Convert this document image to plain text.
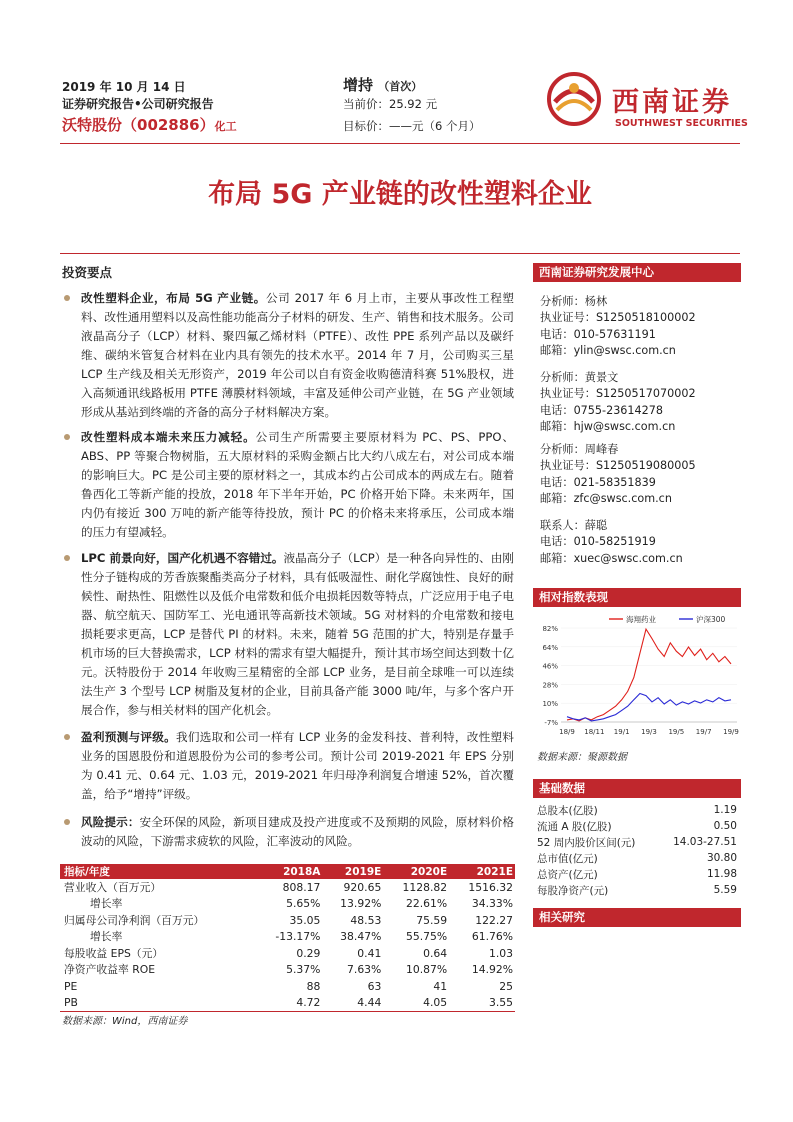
2019 年 10 月 14 日
证券研究报告•公司研究报告
沃特股份（002886）化工
增持 （首次）
当前价：25.92 元
目标价：——元（6 个月）
西南证券
SOUTHWEST SECURITIES
布局 5G 产业链的改性塑料企业
投资要点
改性塑料企业，布局 5G 产业链。公司 2017 年 6 月上市，主要从事改性工程塑料、改性通用塑料以及高性能功能高分子材料的研发、生产、销售和技术服务。公司液晶高分子（LCP）材料、聚四氟乙烯材料（PTFE）、改性 PPE 系列产品以及碳纤维、碳纳米管复合材料在业内具有领先的技术水平。2014 年 7 月，公司购买三星 LCP 生产线及相关无形资产，2019 年公司以自有资金收购德清科赛 51%股权，进入高频通讯线路板用 PTFE 薄膜材料领域，丰富及延伸公司产业链，在 5G 产业领域形成从基站到终端的齐备的高分子材料解决方案。
改性塑料成本端未来压力减轻。公司生产所需要主要原材料为 PC、PS、PPO、ABS、PP 等聚合物树脂，五大原材料的采购金额占比大约八成左右，对公司成本端的影响巨大。PC 是公司主要的原材料之一，其成本约占公司成本的两成左右。随着鲁西化工等新产能的投放，2018 年下半年开始，PC 价格开始下降。未来两年，国内仍有接近 300 万吨的新产能等待投放，预计 PC 的价格未来将承压，公司成本端的压力有望减轻。
LPC 前景向好，国产化机遇不容错过。液晶高分子（LCP）是一种各向异性的、由刚性分子链构成的芳香族聚酯类高分子材料，具有低吸湿性、耐化学腐蚀性、良好的耐候性、耐热性、阻燃性以及低介电常数和低介电损耗因数等特点，广泛应用于电子电器、航空航天、国防军工、光电通讯等高新技术领域。5G 对材料的介电常数和接电损耗要求更高，LCP 是替代 PI 的材料。未来，随着 5G 范围的扩大，特别是存量手机市场的巨大替换需求，LCP 材料的需求有望大幅提升，预计其市场空间达到数十亿元。沃特股份于 2014 年收购三星精密的全部 LCP 业务，是目前全球唯一可以连续法生产 3 个型号 LCP 树脂及复材的企业，目前具备产能 3000 吨/年，与多个客户开展合作，参与相关材料的国产化机会。
盈利预测与评级。我们选取和公司一样有 LCP 业务的金发科技、普利特，改性塑料业务的国恩股份和道恩股份为公司的参考公司。预计公司 2019-2021 年 EPS 分别为 0.41 元、0.64 元、1.03 元，2019-2021 年归母净利润复合增速 52%，首次覆盖，给予“增持”评级。
风险提示：安全环保的风险，新项目建成及投产进度或不及预期的风险，原材料价格波动的风险，下游需求疲软的风险，汇率波动的风险。
指标/年度	2018A	2019E	2020E	2021E
营业收入（百万元）	808.17	920.65	1128.82	1516.32
增长率	5.65%	13.92%	22.61%	34.33%
归属母公司净利润（百万元）	35.05	48.53	75.59	122.27
增长率	-13.17%	38.47%	55.75%	61.76%
每股收益 EPS（元）	0.29	0.41	0.64	1.03
净资产收益率 ROE	5.37%	7.63%	10.87%	14.92%
PE	88	63	41	25
PB	4.72	4.44	4.05	3.55
数据来源：Wind，西南证券
西南证券研究发展中心
分析师：杨林
执业证号：S1250518100002
电话：010-57631191
邮箱：ylin@swsc.com.cn
分析师：黄景文
执业证号：S1250517070002
电话：0755-23614278
邮箱：hjw@swsc.com.cn
分析师：周峰春
执业证号：S1250519080005
电话：021-58351839
邮箱：zfc@swsc.com.cn
联系人：薛聪
电话：010-58251919
邮箱：xuec@swsc.com.cn
相对指数表现
82%
64%
46%
28%
10%
-7%
18/9 18/11 19/1 19/3 19/5 19/7 19/9
海翔药业	沪深300
数据来源：聚源数据
基础数据
总股本(亿股)	1.19
流通 A 股(亿股)	0.50
52 周内股价区间(元)	14.03-27.51
总市值(亿元)	30.80
总资产(亿元)	11.98
每股净资产(元)	5.59
相关研究
